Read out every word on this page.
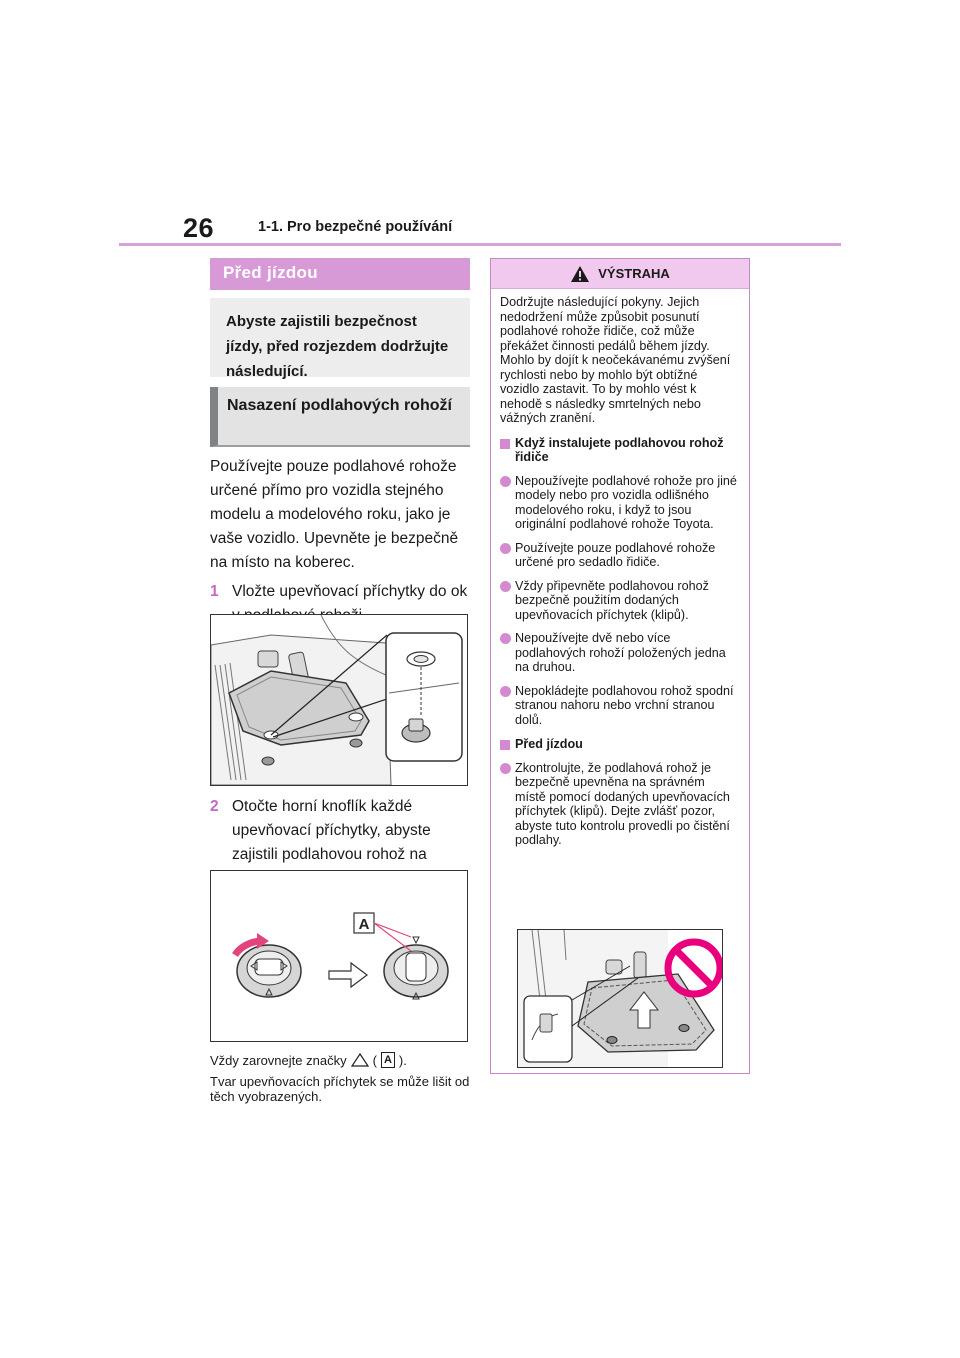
26	1-1. Pro bezpečné používání
Před jízdou
Abyste zajistili bezpečnost jízdy, před rozjezdem dodržujte následující.
Nasazení podlahových rohoží
Používejte pouze podlahové rohože určené přímo pro vozidla stejného modelu a modelového roku, jako je vaše vozidlo. Upevněte je bezpečně na místo na koberec.
1 Vložte upevňovací příchytky do ok
2 Otočte horní knoflík každé upevňovací příchytky, abyste zajistili podlahovou rohož na
A
Vždy zarovnejte značky ( A ).
Tvar upevňovacích příchytek se může lišit od těch vyobrazených.
VÝSTRAHA
Dodržujte následující pokyny. Jejich nedodržení může způsobit posunutí podlahové rohože řidiče, což může překážet činnosti pedálů během jízdy. Mohlo by dojít k neočekávanému zvýšení rychlosti nebo by mohlo být obtížné vozidlo zastavit. To by mohlo vést k nehodě s následky smrtelných nebo vážných zranění.
Když instalujete podlahovou rohož řidiče
Nepoužívejte podlahové rohože pro jiné modely nebo pro vozidla odlišného modelového roku, i když to jsou originální podlahové rohože Toyota.
Používejte pouze podlahové rohože určené pro sedadlo řidiče.
Vždy připevněte podlahovou rohož bezpečně použitím dodaných upevňovacích příchytek (klipů).
Nepoužívejte dvě nebo více podlahových rohoží položených jedna na druhou.
Nepokládejte podlahovou rohož spodní stranou nahoru nebo vrchní stranou dolů.
Před jízdou
Zkontrolujte, že podlahová rohož je bezpečně upevněna na správném místě pomocí dodaných upevňovacích příchytek (klipů). Dejte zvlášť pozor, abyste tuto kontrolu provedli po čistění podlahy.
